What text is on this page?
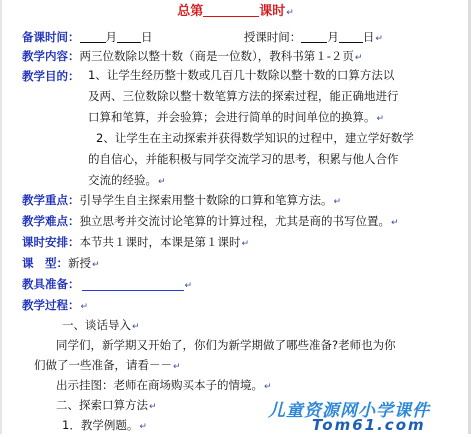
总第	课时↵
备课时间： 月 日	授课时间： 月 日↵
教学内容：两三位数除以整十数（商是一位数），教科书第１-２页↵
教学目的： 1、让学生经历整十数或几百几十数除以整十数的口算方法以
及两、三位数除以整十数笔算方法的探索过程，能正确地进行
口算和笔算，并会验算；会进行简单的时间单位的换算。↵
2、让学生在主动探索并获得数学知识的过程中，建立学好数学
的自信心，并能积极与同学交流学习的思考，积累与他人合作
交流的经验。↵
教学重点：引导学生自主探索用整十数除的口算和笔算方法。↵
教学难点：独立思考并交流讨论笔算的计算过程，尤其是商的书写位置。↵
课时安排：本节共１课时，本课是第１课时↵
课　型：新授↵
教具准备：	↵
教学过程：↵
一、谈话导入↵
同学们，新学期又开始了，你们为新学期做了哪些准备?老师也为你
们做了一些准备，请看－－↵
出示挂图：老师在商场购买本子的情境。↵
二、探索口算方法↵
1．教学例题。↵
儿童资源网小学课件
Tom61.com
